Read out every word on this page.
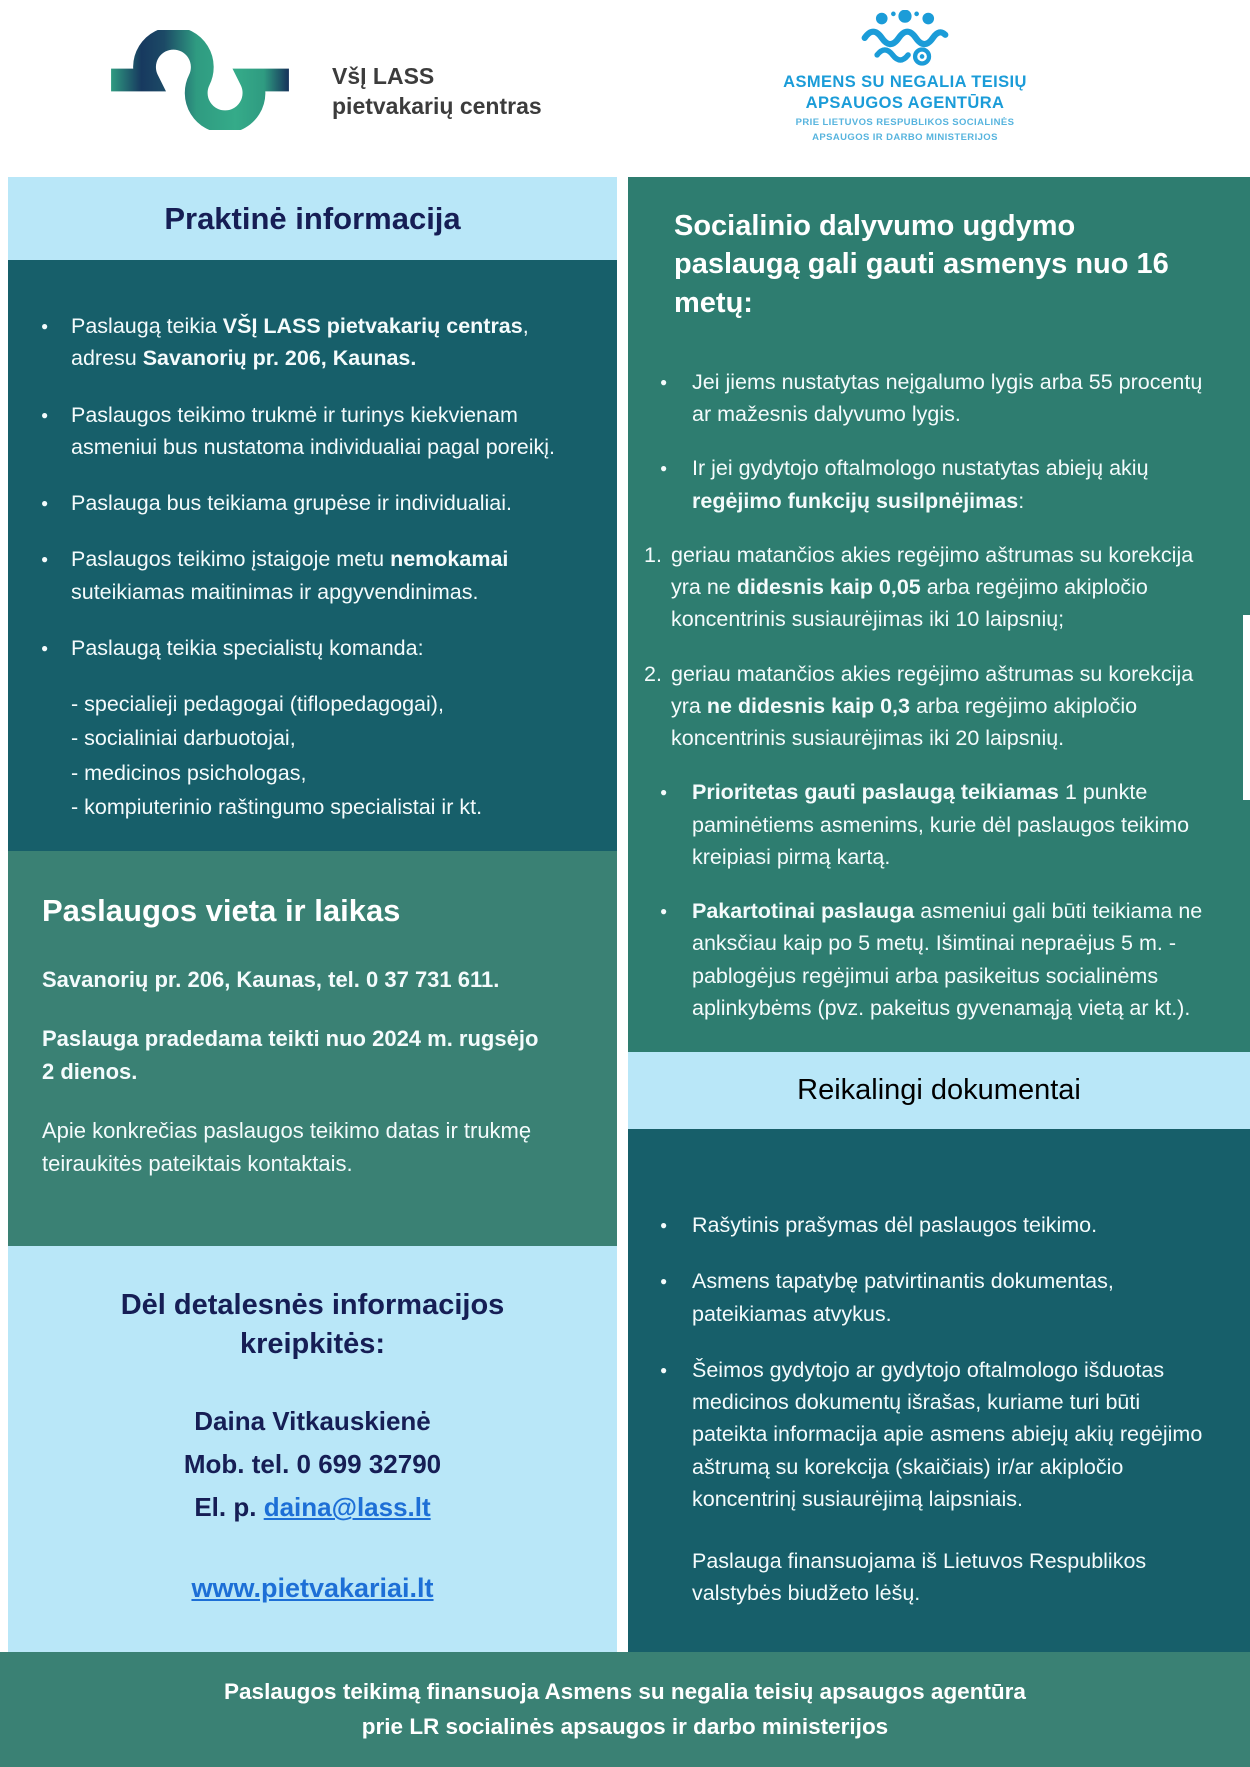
VšĮ LASS
pietvakarių centras
ASMENS SU NEGALIA TEISIŲ
APSAUGOS AGENTŪRA
PRIE LIETUVOS RESPUBLIKOS SOCIALINĖS
APSAUGOS IR DARBO MINISTERIJOS
Praktinė informacija
●	Paslaugą teikia VŠĮ LASS pietvakarių centras, adresu Savanorių pr. 206, Kaunas.
●	Paslaugos teikimo trukmė ir turinys kiekvienam asmeniui bus nustatoma individualiai pagal poreikį.
●	Paslauga bus teikiama grupėse ir individualiai.
●	Paslaugos teikimo įstaigoje metu nemokamai suteikiamas maitinimas ir apgyvendinimas.
●	Paslaugą teikia specialistų komanda:
- specialieji pedagogai (tiflopedagogai),
- socialiniai darbuotojai,
- medicinos psichologas,
- kompiuterinio raštingumo specialistai ir kt.
Paslaugos vieta ir laikas
Savanorių pr. 206, Kaunas, tel. 0 37 731 611.
Paslauga pradedama teikti nuo 2024 m. rugsėjo 2 dienos.
Apie konkrečias paslaugos teikimo datas ir trukmę teiraukitės pateiktais kontaktais.
Dėl detalesnės informacijos kreipkitės:
Daina Vitkauskienė
Mob. tel. 0 699 32790
El. p. daina@lass.lt
www.pietvakariai.lt
Socialinio dalyvumo ugdymo paslaugą gali gauti asmenys nuo 16 metų:
●	Jei jiems nustatytas neįgalumo lygis arba 55 procentų ar mažesnis dalyvumo lygis.
●	Ir jei gydytojo oftalmologo nustatytas abiejų akių regėjimo funkcijų susilpnėjimas:
1. geriau matančios akies regėjimo aštrumas su korekcija yra ne didesnis kaip 0,05 arba regėjimo akipločio koncentrinis susiaurėjimas iki 10 laipsnių;
2. geriau matančios akies regėjimo aštrumas su korekcija yra ne didesnis kaip 0,3 arba regėjimo akipločio koncentrinis susiaurėjimas iki 20 laipsnių.
●	Prioritetas gauti paslaugą teikiamas 1 punkte paminėtiems asmenims, kurie dėl paslaugos teikimo kreipiasi pirmą kartą.
●	Pakartotinai paslauga asmeniui gali būti teikiama ne anksčiau kaip po 5 metų. Išimtinai nepraėjus 5 m. - pablogėjus regėjimui arba pasikeitus socialinėms aplinkybėms (pvz. pakeitus gyvenamąją vietą ar kt.).
Reikalingi dokumentai
●	Rašytinis prašymas dėl paslaugos teikimo.
●	Asmens tapatybę patvirtinantis dokumentas, pateikiamas atvykus.
●	Šeimos gydytojo ar gydytojo oftalmologo išduotas medicinos dokumentų išrašas, kuriame turi būti pateikta informacija apie asmens abiejų akių regėjimo aštrumą su korekcija (skaičiais) ir/ar akipločio koncentrinį susiaurėjimą laipsniais.
Paslauga finansuojama iš Lietuvos Respublikos valstybės biudžeto lėšų.
Paslaugos teikimą finansuoja Asmens su negalia teisių apsaugos agentūra
prie LR socialinės apsaugos ir darbo ministerijos
